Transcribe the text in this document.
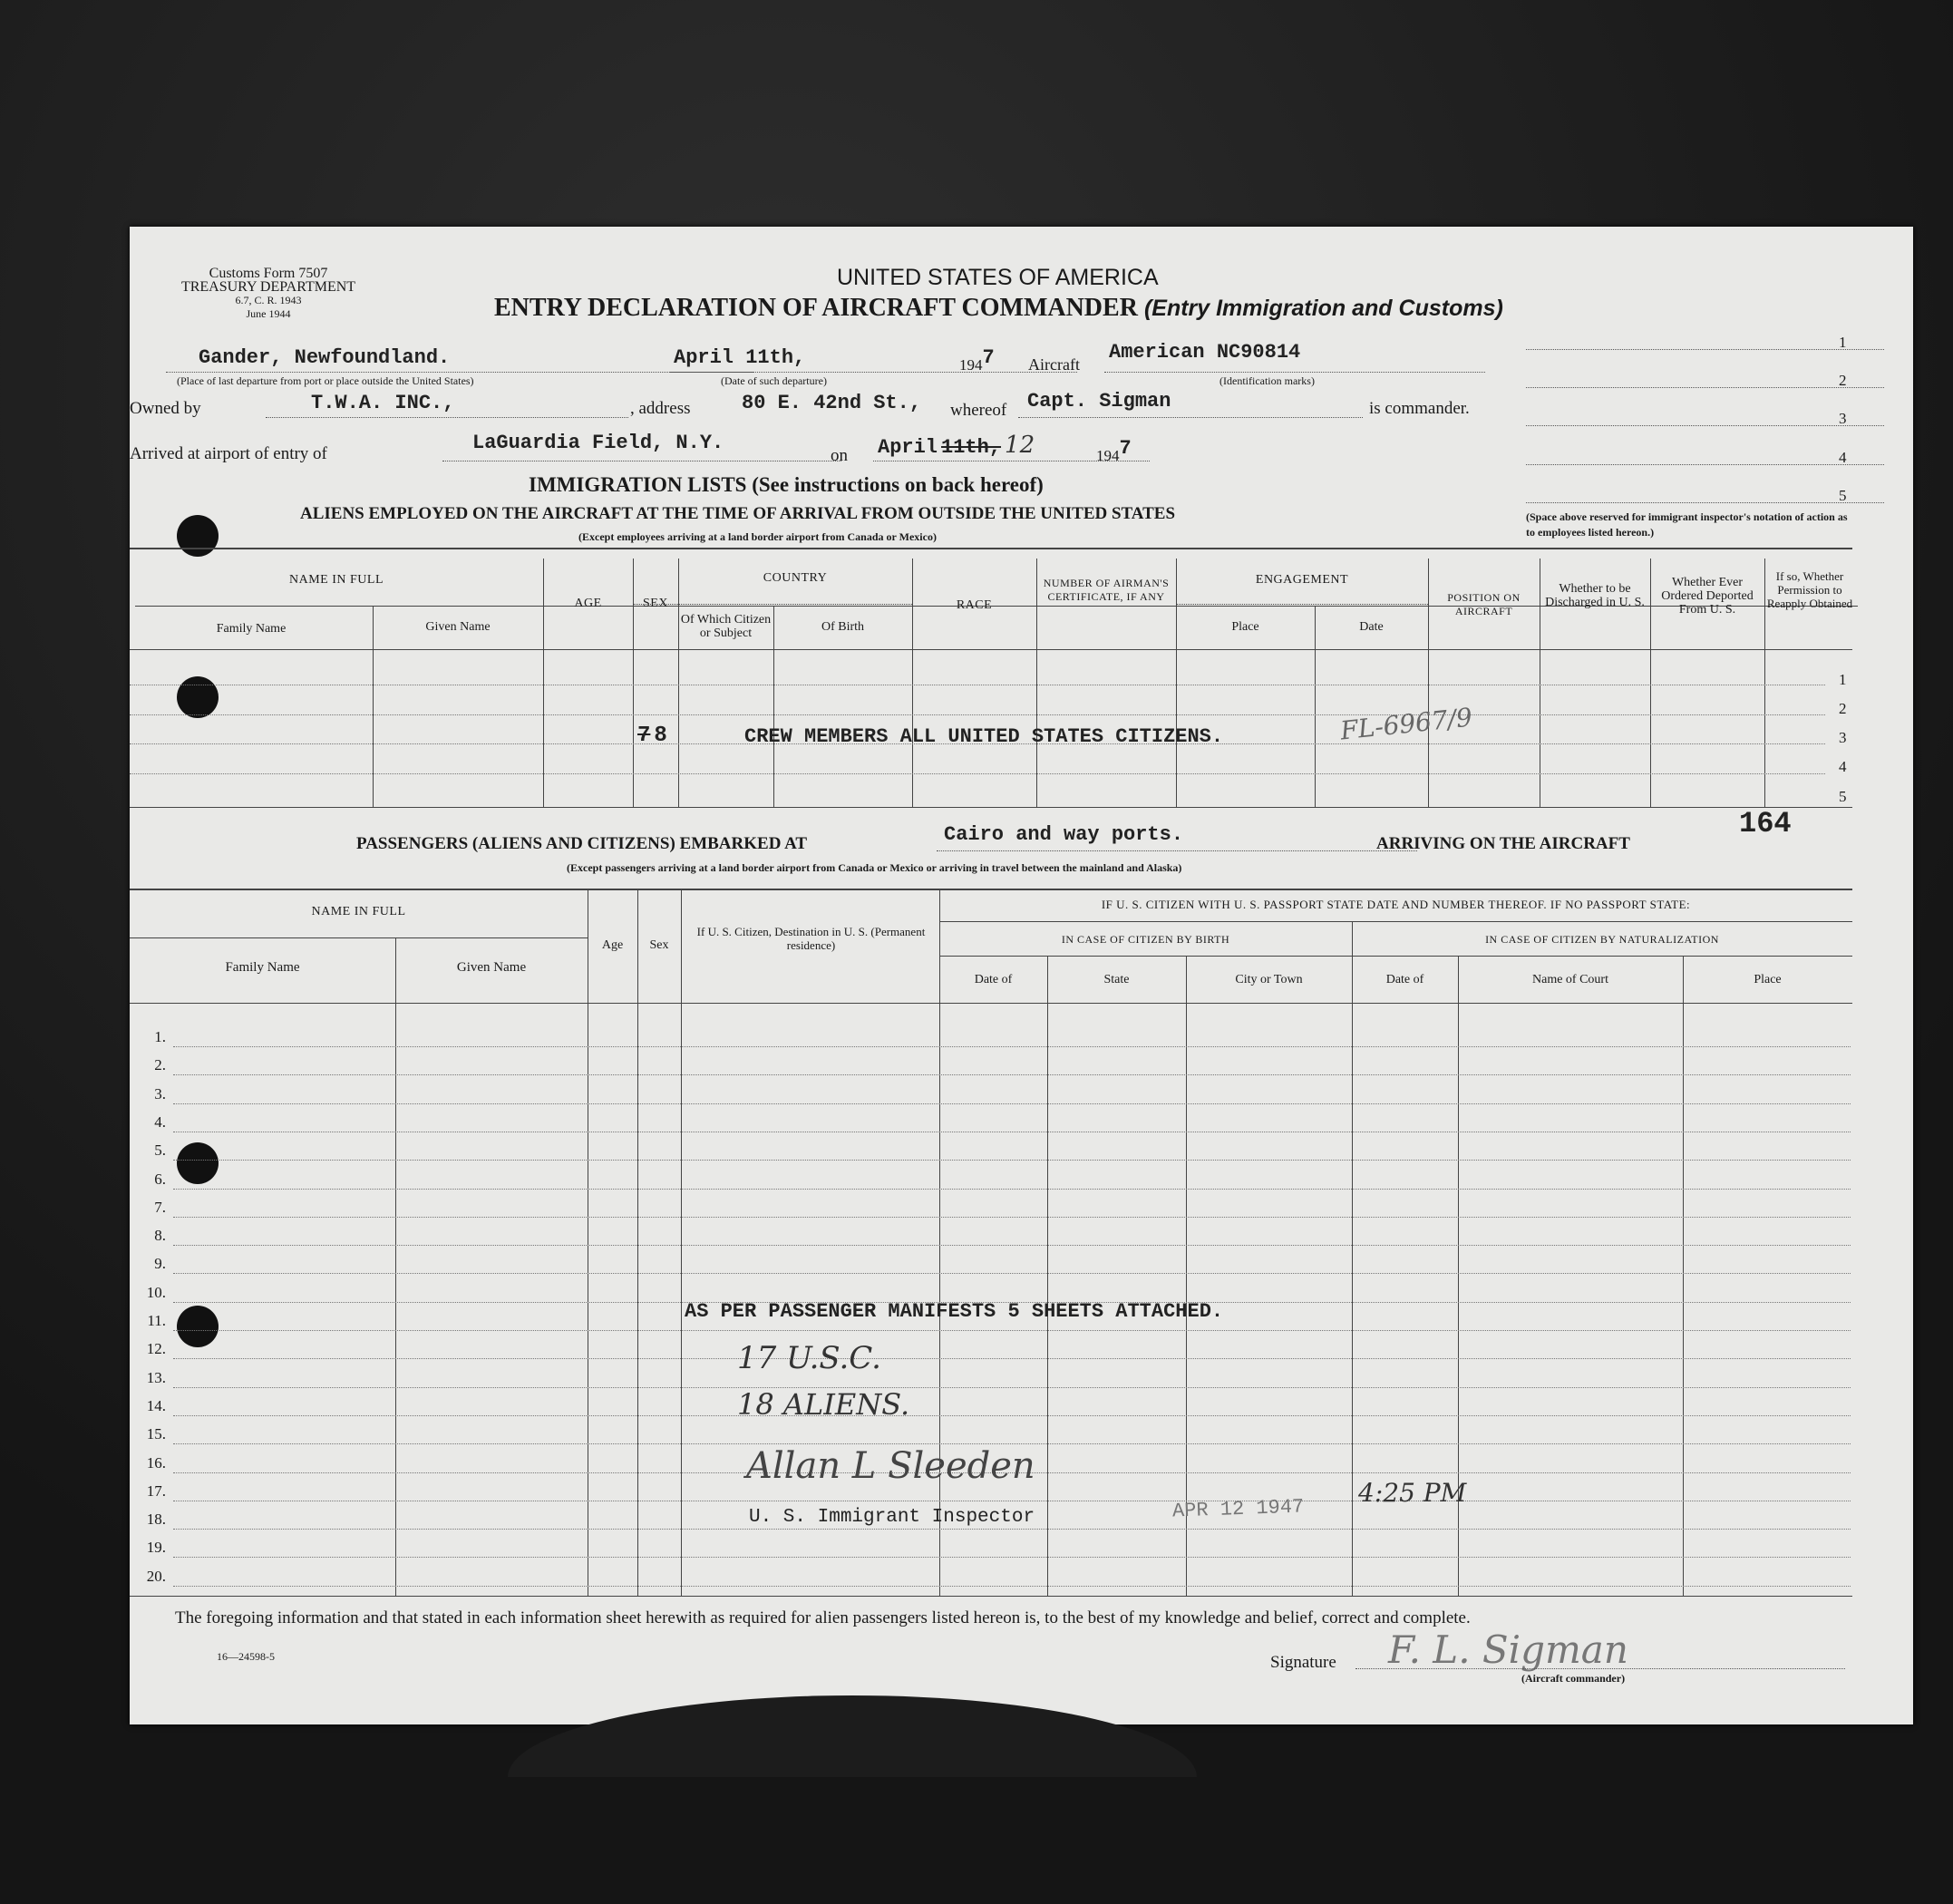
Customs Form 7507
TREASURY DEPARTMENT
6.7, C. R. 1943
June 1944
UNITED STATES OF AMERICA
ENTRY DECLARATION OF AIRCRAFT COMMANDER (Entry Immigration and Customs)
1
2
3
4
5
(Space above reserved for immigrant inspector's notation of action as to employees listed hereon.)
Gander, Newfoundland.
(Place of last departure from port or place outside the United States)
April 11th,
(Date of such departure)
1947 Aircraft
American NC90814
(Identification marks)
Owned by	T.W.A. INC.,	, address	80 E. 42nd St., whereof Capt. Sigman	is commander.
Arrived at airport of entry of	LaGuardia Field, N.Y.
on April 11th, 12	1947
IMMIGRATION LISTS (See instructions on back hereof)
ALIENS EMPLOYED ON THE AIRCRAFT AT THE TIME OF ARRIVAL FROM OUTSIDE THE UNITED STATES
(Except employees arriving at a land border airport from Canada or Mexico)
NAME IN FULL
Family Name	Given Name
AGE	SEX
COUNTRY
Of Which Citizen or Subject	Of Birth
RACE
NUMBER OF AIRMAN'S CERTIFICATE, IF ANY
ENGAGEMENT
Place	Date
POSITION ON AIRCRAFT
Whether to be Discharged in U. S.
Whether Ever Ordered Deported From U. S.
If so, Whether Permission to Reapply Obtained
1
2
3
4
5
7 8	CREW MEMBERS ALL UNITED STATES CITIZENS.	FL-6967/9
164
PASSENGERS (ALIENS AND CITIZENS) EMBARKED AT	Cairo and way ports.	ARRIVING ON THE AIRCRAFT
(Except passengers arriving at a land border airport from Canada or Mexico or arriving in travel between the mainland and Alaska)
NAME IN FULL
Family Name	Given Name
Age	Sex
If U. S. Citizen, Destination in U. S. (Permanent residence)
IF U. S. CITIZEN WITH U. S. PASSPORT STATE DATE AND NUMBER THEREOF. IF NO PASSPORT STATE:
IN CASE OF CITIZEN BY BIRTH	IN CASE OF CITIZEN BY NATURALIZATION
Date of	State	City or Town	Date of	Name of Court	Place
1.
2.
3.
4.
5.
6.
7.
8.
9.
10.
11.
12.
13.
14.
15.
16.
17.
18.
19.
20.
AS PER PASSENGER MANIFESTS 5 SHEETS ATTACHED.
17 U.S.C.
18 ALIENS.
Allan L Sleeden
U. S. Immigrant Inspector	APR 12 1947
4:25 PM
The foregoing information and that stated in each information sheet herewith as required for alien passengers listed hereon is, to the best of my knowledge and belief, correct and complete.
16—24598-5	Signature F. L. Sigman
(Aircraft commander)
